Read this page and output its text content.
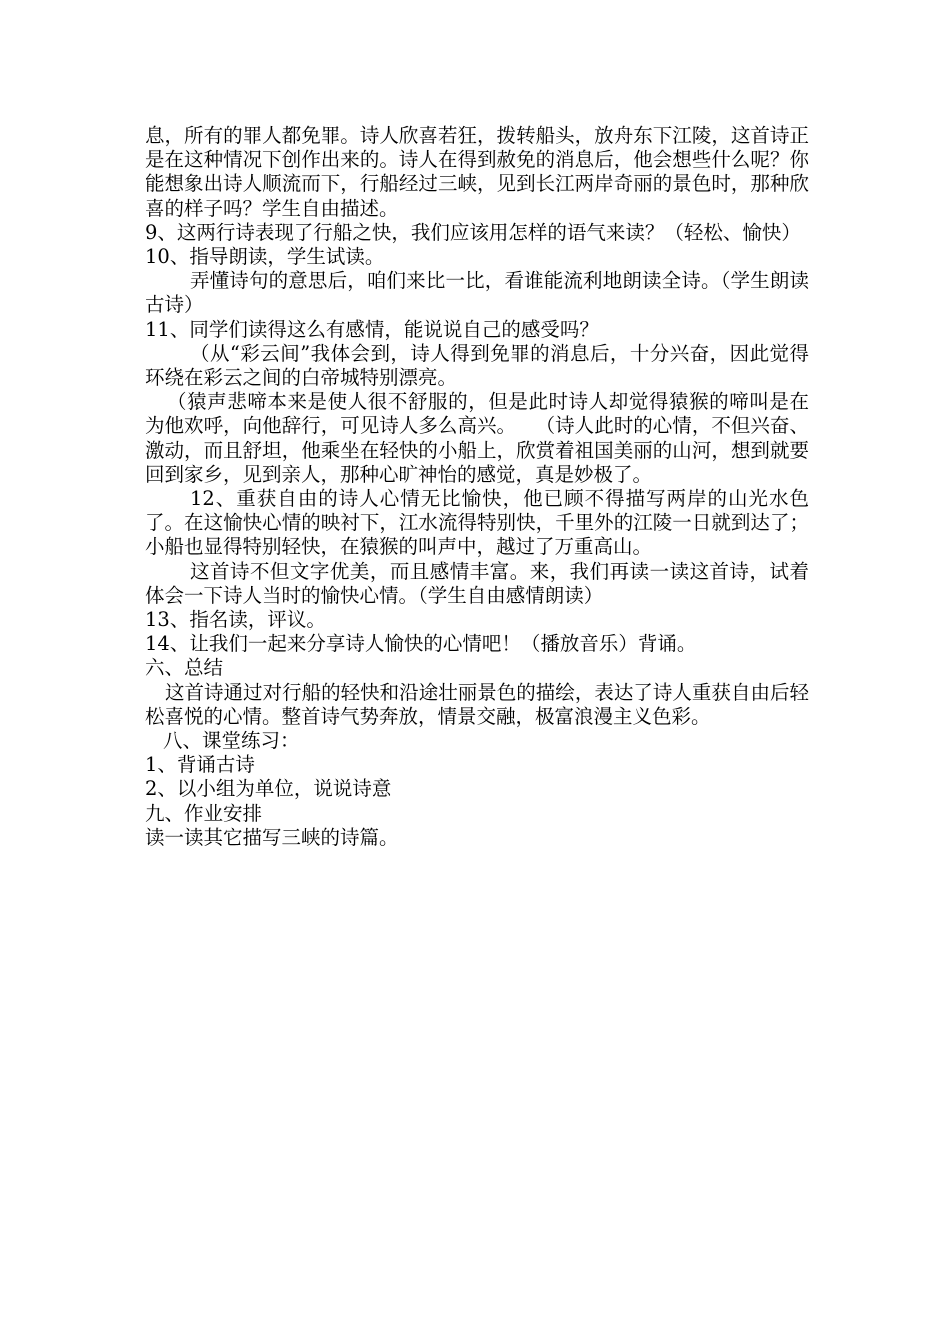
息，所有的罪人都免罪。诗人欣喜若狂，拨转船头，放舟东下江陵，这首诗正是在这种情况下创作出来的。诗人在得到赦免的消息后，他会想些什么呢？你能想象出诗人顺流而下，行船经过三峡，见到长江两岸奇丽的景色时，那种欣喜的样子吗？学生自由描述。

9、这两行诗表现了行船之快，我们应该用怎样的语气来读？（轻松、愉快）

10、指导朗读，学生试读。

弄懂诗句的意思后，咱们来比一比，看谁能流利地朗读全诗。（学生朗读古诗）

11、同学们读得这么有感情，能说说自己的感受吗？

（从“彩云间”我体会到，诗人得到免罪的消息后，十分兴奋，因此觉得环绕在彩云之间的白帝城特别漂亮。

（猿声悲啼本来是使人很不舒服的，但是此时诗人却觉得猿猴的啼叫是在为他欢呼，向他辞行，可见诗人多么高兴。　　（诗人此时的心情，不但兴奋、激动，而且舒坦，他乘坐在轻快的小船上，欣赏着祖国美丽的山河，想到就要回到家乡，见到亲人，那种心旷神怡的感觉，真是妙极了。

12、重获自由的诗人心情无比愉快，他已顾不得描写两岸的山光水色了。在这愉快心情的映衬下，江水流得特别快，千里外的江陵一日就到达了；小船也显得特别轻快，在猿猴的叫声中，越过了万重高山。

这首诗不但文字优美，而且感情丰富。来，我们再读一读这首诗，试着体会一下诗人当时的愉快心情。（学生自由感情朗读）

13、指名读，评议。

14、让我们一起来分享诗人愉快的心情吧！（播放音乐）背诵。

六、总结

这首诗通过对行船的轻快和沿途壮丽景色的描绘，表达了诗人重获自由后轻松喜悦的心情。整首诗气势奔放，情景交融，极富浪漫主义色彩。

八、课堂练习：

1、背诵古诗

2、以小组为单位，说说诗意

九、作业安排

读一读其它描写三峡的诗篇。
